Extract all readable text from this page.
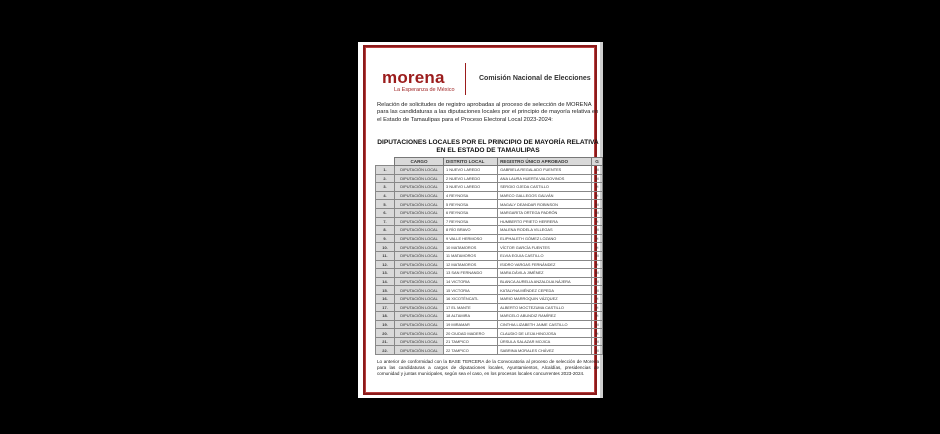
morena
La Esperanza de México
Comisión Nacional de Elecciones
Relación de solicitudes de registro aprobadas al proceso de selección de MORENA para las candidaturas a las diputaciones locales por el principio de mayoría relativa en el Estado de Tamaulipas para el Proceso Electoral Local 2023-2024:
DIPUTACIONES LOCALES POR EL PRINCIPIO DE MAYORÍA RELATIVA EN EL ESTADO DE TAMAULIPAS
	CARGO	DISTRITO LOCAL	REGISTRO ÚNICO APROBADO	G
1.	DIPUTACIÓN LOCAL	1 NUEVO LAREDO	GABRIELA REGALADO FUENTES	M
2.	DIPUTACIÓN LOCAL	2 NUEVO LAREDO	ANA LAURA HUERTA VALDOVINOS	M
3.	DIPUTACIÓN LOCAL	3 NUEVO LAREDO	SERGIO OJEDA CASTILLO	H
4.	DIPUTACIÓN LOCAL	4 REYNOSA	MARCO GALLEGOS GALVÁN	H
5.	DIPUTACIÓN LOCAL	5 REYNOSA	MAGALY DEANDAR ROBINSON	M
6.	DIPUTACIÓN LOCAL	6 REYNOSA	MARGARITA ORTEGA PADRÓN	M
7.	DIPUTACIÓN LOCAL	7 REYNOSA	HUMBERTO PRIETO HERRERA	H
8.	DIPUTACIÓN LOCAL	8 RÍO BRAVO	MALENA RODELA VILLEGAS	M
9.	DIPUTACIÓN LOCAL	9 VALLE HERMOSO	ELIPHALETH GÓMEZ LOZANO	H
10.	DIPUTACIÓN LOCAL	10 MATAMOROS	VÍCTOR GARCÍA FUENTES	H
11.	DIPUTACIÓN LOCAL	11 MATAMOROS	ELVIA EGUIA CASTILLO	M
12.	DIPUTACIÓN LOCAL	12 MATAMOROS	ISIDRO VARGAS FERNÁNDEZ	H
13.	DIPUTACIÓN LOCAL	13 SAN FERNANDO	MARA DÁVILA JIMÉNEZ	M
14.	DIPUTACIÓN LOCAL	14 VICTORIA	BLANCA AURELIA ANZALDUA NÁJERA	M
15.	DIPUTACIÓN LOCAL	15 VICTORIA	KATALYNA MÉNDEZ CEPEDA	M
16.	DIPUTACIÓN LOCAL	16 XICOTÉNCATL	MARIO MARROQUIN VÁZQUEZ	H
17.	DIPUTACIÓN LOCAL	17 EL MANTE	ALBERTO MOCTEZUMA CASTILLO	H
18.	DIPUTACIÓN LOCAL	18 ALTAMIRA	MARCELO ABUNDIZ RAMÍREZ	H
19.	DIPUTACIÓN LOCAL	19 MIRAMAR	CINTHIA LIZABETH JAIME CASTILLO	M
20.	DIPUTACIÓN LOCAL	20 CIUDAD MADERO	CLAUDIO DE LEIJA HINOJOSA	H
21.	DIPUTACIÓN LOCAL	21 TAMPICO	ÚRSULA SALAZAR MOJICA	M
22.	DIPUTACIÓN LOCAL	22 TAMPICO	SABRINA MORALES CHÁVEZ	M
Lo anterior de conformidad con la BASE TERCERA de la Convocatoria al proceso de selección de Morena para las candidaturas a cargos de diputaciones locales, Ayuntamientos, Alcaldías, presidencias de comunidad y juntas municipales, según sea el caso, en los procesos locales concurrentes 2023-2024.
